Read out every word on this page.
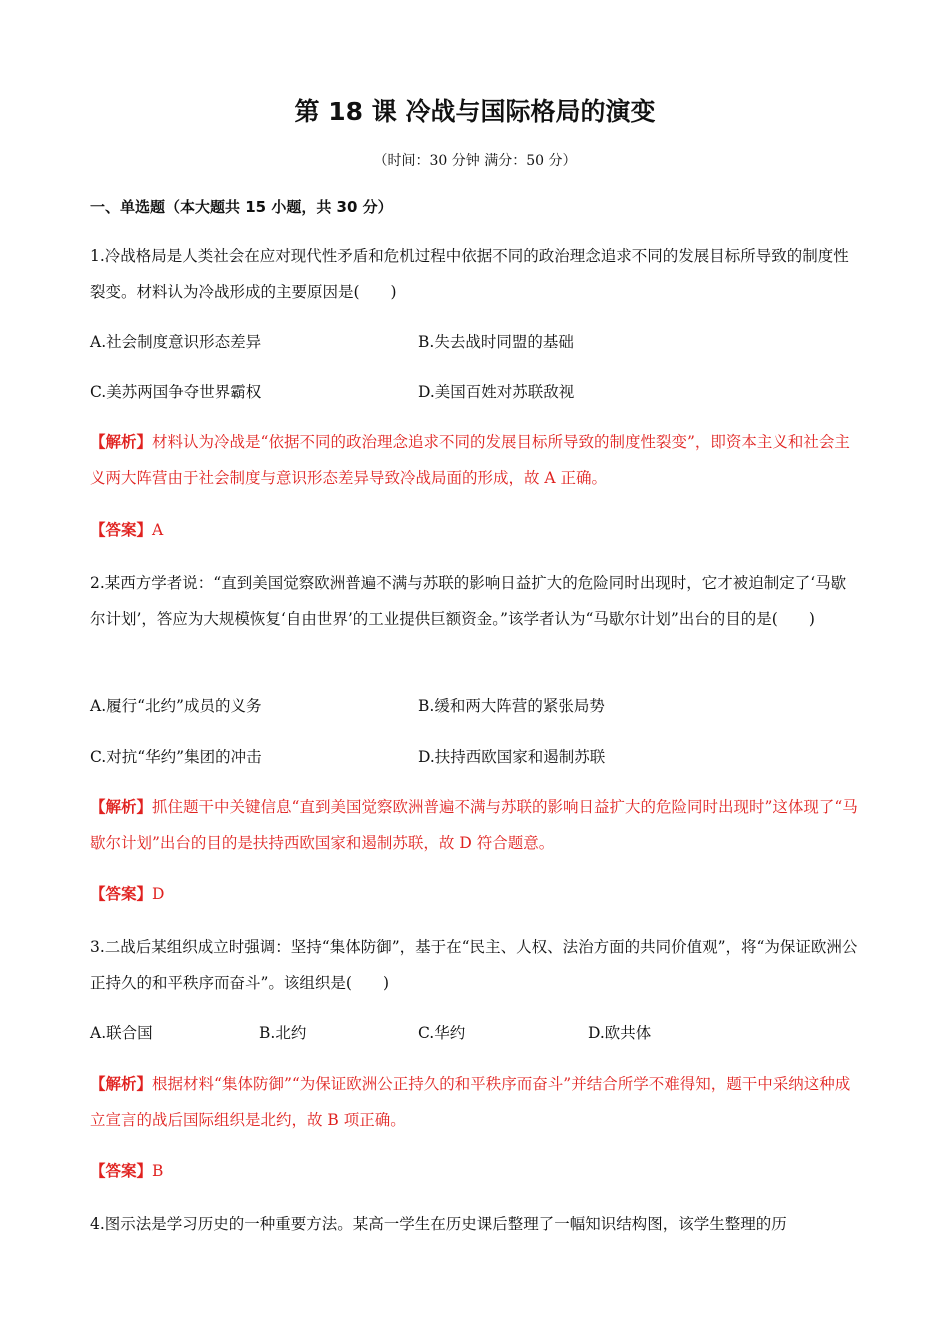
第 18 课 冷战与国际格局的演变
（时间：30 分钟 满分：50 分）
一、单选题（本大题共 15 小题，共 30 分）
1.冷战格局是人类社会在应对现代性矛盾和危机过程中依据不同的政治理念追求不同的发展目标所导致的制度性裂变。材料认为冷战形成的主要原因是(　　)
A.社会制度意识形态差异	B.失去战时同盟的基础
C.美苏两国争夺世界霸权	D.美国百姓对苏联敌视
【解析】材料认为冷战是“依据不同的政治理念追求不同的发展目标所导致的制度性裂变”，即资本主义和社会主义两大阵营由于社会制度与意识形态差异导致冷战局面的形成，故 A 正确。
【答案】A
2.某西方学者说：“直到美国觉察欧洲普遍不满与苏联的影响日益扩大的危险同时出现时，它才被迫制定了‘马歇尔计划’，答应为大规模恢复‘自由世界’的工业提供巨额资金。”该学者认为“马歇尔计划”出台的目的是(　　)
A.履行“北约”成员的义务	B.缓和两大阵营的紧张局势
C.对抗“华约”集团的冲击	D.扶持西欧国家和遏制苏联
【解析】抓住题干中关键信息“直到美国觉察欧洲普遍不满与苏联的影响日益扩大的危险同时出现时”这体现了“马歇尔计划”出台的目的是扶持西欧国家和遏制苏联，故 D 符合题意。
【答案】D
3.二战后某组织成立时强调：坚持“集体防御”，基于在“民主、人权、法治方面的共同价值观”，将“为保证欧洲公正持久的和平秩序而奋斗”。该组织是(　　)
A.联合国	B.北约	C.华约	D.欧共体
【解析】根据材料“集体防御”“为保证欧洲公正持久的和平秩序而奋斗”并结合所学不难得知，题干中采纳这种成立宣言的战后国际组织是北约，故 B 项正确。
【答案】B
4.图示法是学习历史的一种重要方法。某高一学生在历史课后整理了一幅知识结构图，该学生整理的历
